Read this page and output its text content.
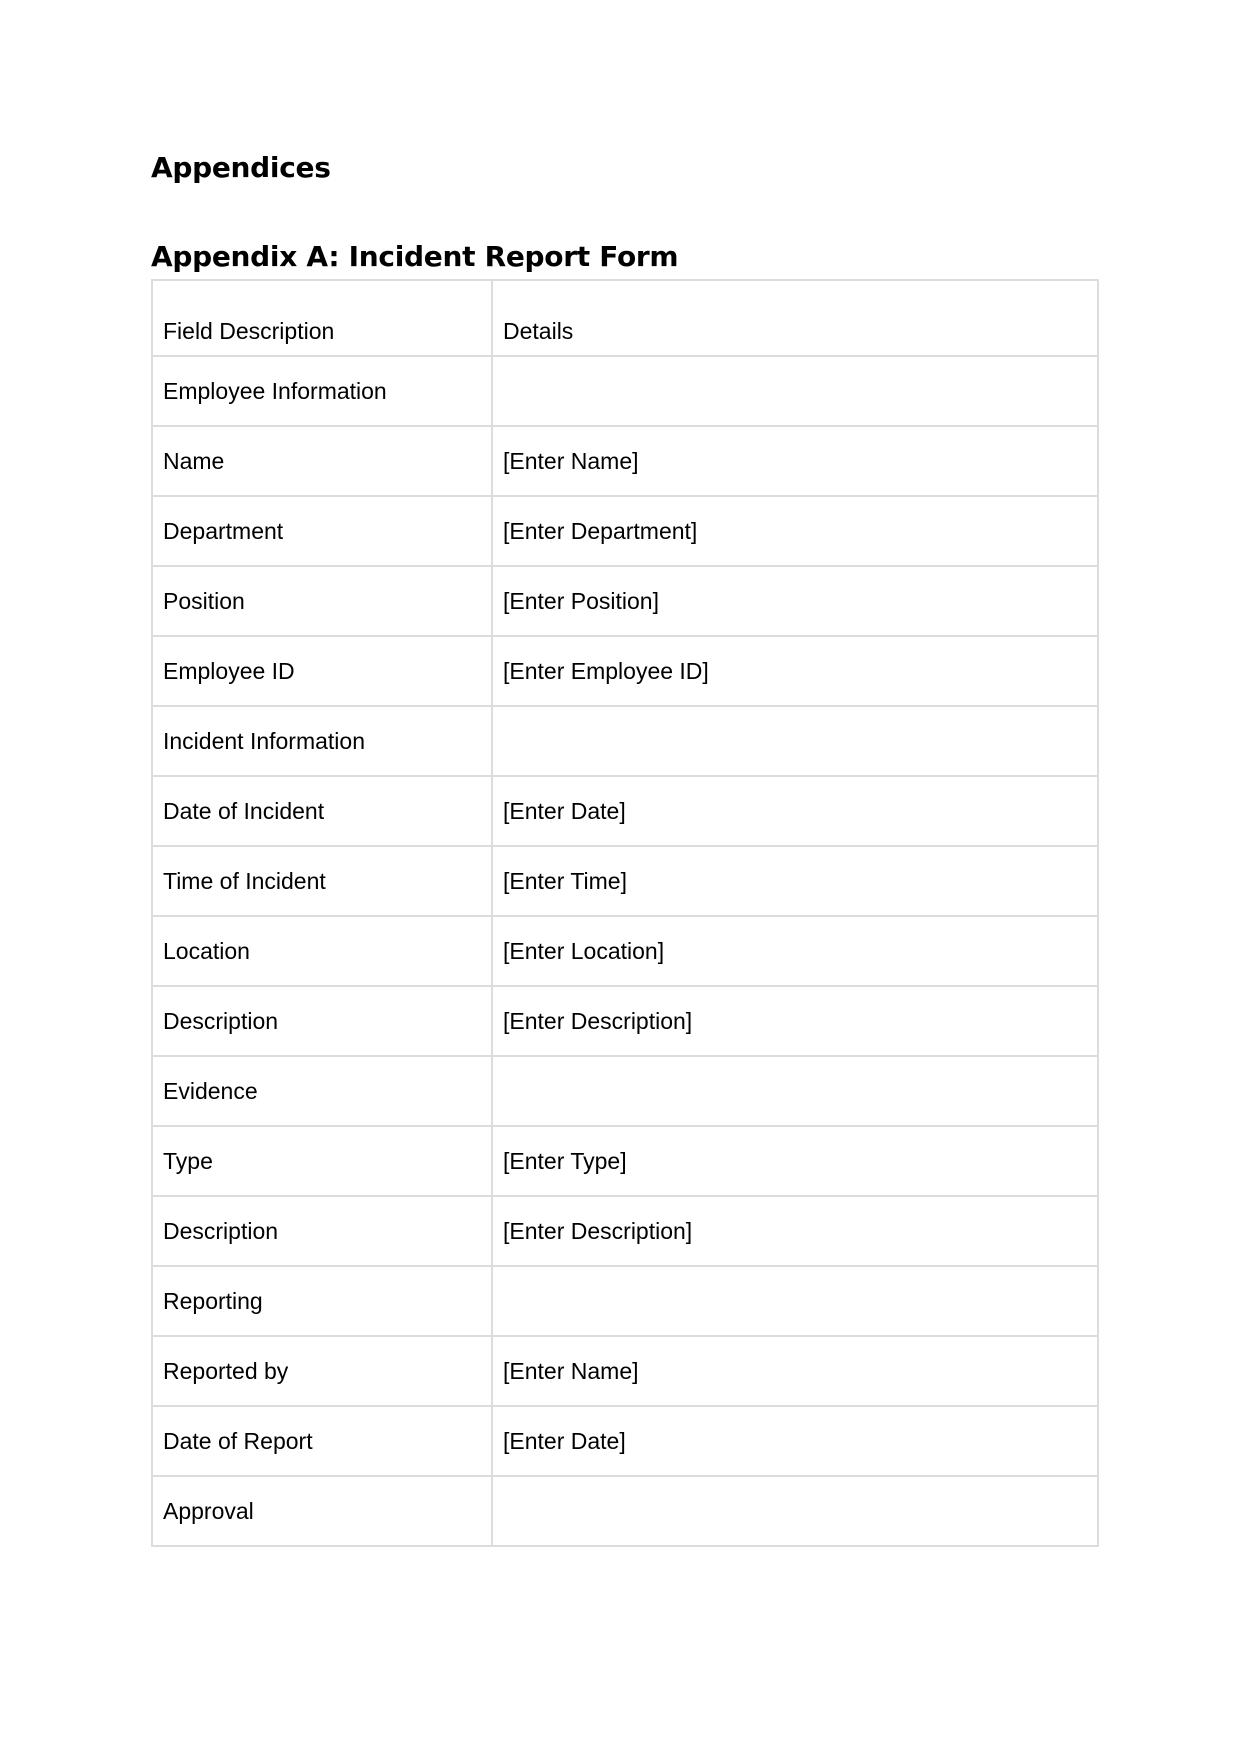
Appendices
Appendix A: Incident Report Form
Field Description	Details
Employee Information	
Name	[Enter Name]
Department	[Enter Department]
Position	[Enter Position]
Employee ID	[Enter Employee ID]
Incident Information	
Date of Incident	[Enter Date]
Time of Incident	[Enter Time]
Location	[Enter Location]
Description	[Enter Description]
Evidence	
Type	[Enter Type]
Description	[Enter Description]
Reporting	
Reported by	[Enter Name]
Date of Report	[Enter Date]
Approval	
